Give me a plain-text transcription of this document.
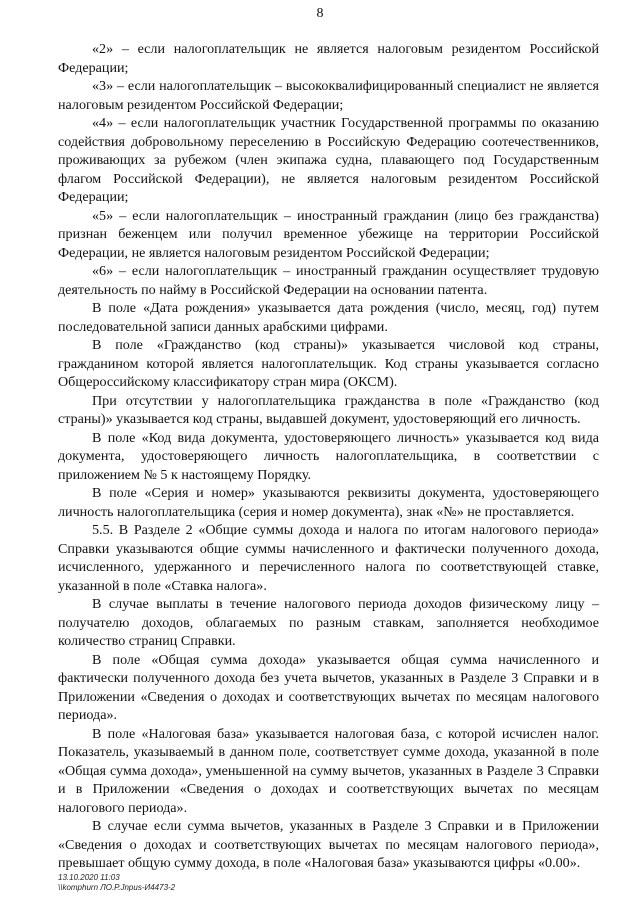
8

«2» – если налогоплательщик не является налоговым резидентом Российской Федерации;

«3» – если налогоплательщик – высококвалифицированный специалист не является налоговым резидентом Российской Федерации;

«4» – если налогоплательщик участник Государственной программы по оказанию содействия добровольному переселению в Российскую Федерацию соотечественников, проживающих за рубежом (член экипажа судна, плавающего под Государственным флагом Российской Федерации), не является налоговым резидентом Российской Федерации;

«5» – если налогоплательщик – иностранный гражданин (лицо без гражданства) признан беженцем или получил временное убежище на территории Российской Федерации, не является налоговым резидентом Российской Федерации;

«6» – если налогоплательщик – иностранный гражданин осуществляет трудовую деятельность по найму в Российской Федерации на основании патента.

В поле «Дата рождения» указывается дата рождения (число, месяц, год) путем последовательной записи данных арабскими цифрами.

В поле «Гражданство (код страны)» указывается числовой код страны, гражданином которой является налогоплательщик. Код страны указывается согласно Общероссийскому классификатору стран мира (ОКСМ).

При отсутствии у налогоплательщика гражданства в поле «Гражданство (код страны)» указывается код страны, выдавшей документ, удостоверяющий его личность.

В поле «Код вида документа, удостоверяющего личность» указывается код вида документа, удостоверяющего личность налогоплательщика, в соответствии с приложением № 5 к настоящему Порядку.

В поле «Серия и номер» указываются реквизиты документа, удостоверяющего личность налогоплательщика (серия и номер документа), знак «№» не проставляется.

5.5. В Разделе 2 «Общие суммы дохода и налога по итогам налогового периода» Справки указываются общие суммы начисленного и фактически полученного дохода, исчисленного, удержанного и перечисленного налога по соответствующей ставке, указанной в поле «Ставка налога».

В случае выплаты в течение налогового периода доходов физическому лицу – получателю доходов, облагаемых по разным ставкам, заполняется необходимое количество страниц Справки.

В поле «Общая сумма дохода» указывается общая сумма начисленного и фактически полученного дохода без учета вычетов, указанных в Разделе 3 Справки и в Приложении «Сведения о доходах и соответствующих вычетах по месяцам налогового периода».

В поле «Налоговая база» указывается налоговая база, с которой исчислен налог. Показатель, указываемый в данном поле, соответствует сумме дохода, указанной в поле «Общая сумма дохода», уменьшенной на сумму вычетов, указанных в Разделе 3 Справки и в Приложении «Сведения о доходах и соответствующих вычетах по месяцам налогового периода».

В случае если сумма вычетов, указанных в Разделе 3 Справки и в Приложении «Сведения о доходах и соответствующих вычетах по месяцам налогового периода», превышает общую сумму дохода, в поле «Налоговая база» указываются цифры «0.00».

13.10.2020 11:03
\\komphurn ЛО.Р.Jnpus-И4473-2
